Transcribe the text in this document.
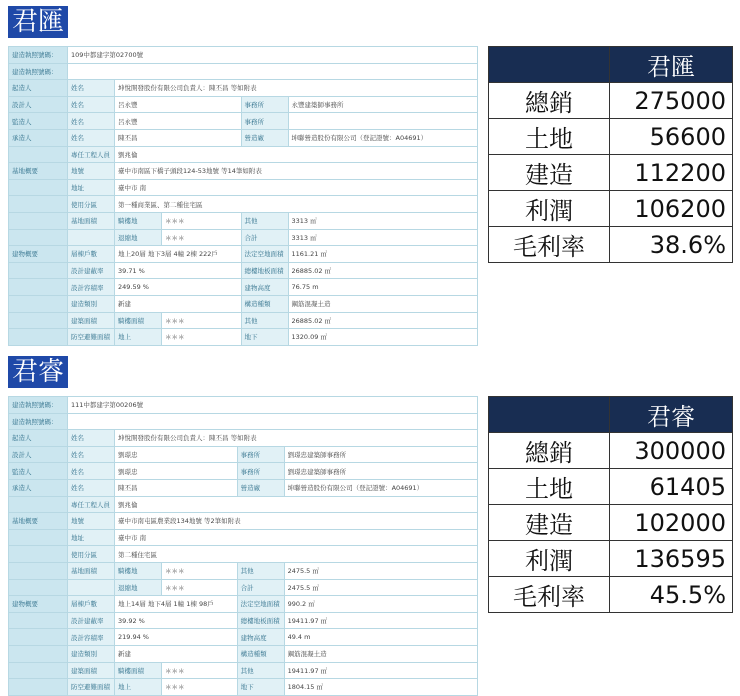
君匯
建造執照號碼：	109中都建字第02700號				
建造執照號碼：					
起造人	姓名	坤悅開發股份有限公司負責人：陳丕昌 等如附表			
設計人	姓名	呂永豐		事務所	永豐建築師事務所
監造人	姓名	呂永豐		事務所	
承造人	姓名	陳丕昌		營造廠	坤聯營造股份有限公司（登記證號：A04691）
	專任工程人員	劉兆倫			
基地概要	地號	臺中市南區下橋子頭段124-53地號 等14筆如附表			
	地址	臺中市 南			
	使用分區	第一種商業區、第二種住宅區			
	基地面積	騎樓地	＊＊＊	其他	3313 ㎡
		退縮地	＊＊＊	合計	3313 ㎡
建物概要	層棟戶數	地上20層 地下3層 4幢 2棟 222戶		法定空地面積	1161.21 ㎡
	設計建蔽率	39.71 %		總樓地板面積	26885.02 ㎡
	設計容積率	249.59 %		建物高度	76.75 m
	建造類別	新建		構造種類	鋼筋混凝土造
	建築面積	騎樓面積	＊＊＊	其他	26885.02 ㎡
	防空避難面積	地上	＊＊＊	地下	1320.09 ㎡
	君匯
總銷	275000
土地	56600
建造	112200
利潤	106200
毛利率	38.6%
君睿
建造執照號碼：	111中都建字第00206號				
建造執照號碼：					
起造人	姓名	坤悅開發股份有限公司負責人：陳丕昌 等如附表			
設計人	姓名	劉璟忠		事務所	劉璟忠建築師事務所
監造人	姓名	劉璟忠		事務所	劉璟忠建築師事務所
承造人	姓名	陳丕昌		營造廠	坤聯營造股份有限公司（登記證號：A04691）
	專任工程人員	劉兆倫			
基地概要	地號	臺中市南屯區農業段134地號 等2筆如附表			
	地址	臺中市 南			
	使用分區	第二種住宅區			
	基地面積	騎樓地	＊＊＊	其他	2475.5 ㎡
		退縮地	＊＊＊	合計	2475.5 ㎡
建物概要	層棟戶數	地上14層 地下4層 1幢 1棟 98戶		法定空地面積	990.2 ㎡
	設計建蔽率	39.92 %		總樓地板面積	19411.97 ㎡
	設計容積率	219.94 %		建物高度	49.4 m
	建造類別	新建		構造種類	鋼筋混凝土造
	建築面積	騎樓面積	＊＊＊	其他	19411.97 ㎡
	防空避難面積	地上	＊＊＊	地下	1804.15 ㎡
	君睿
總銷	300000
土地	61405
建造	102000
利潤	136595
毛利率	45.5%
